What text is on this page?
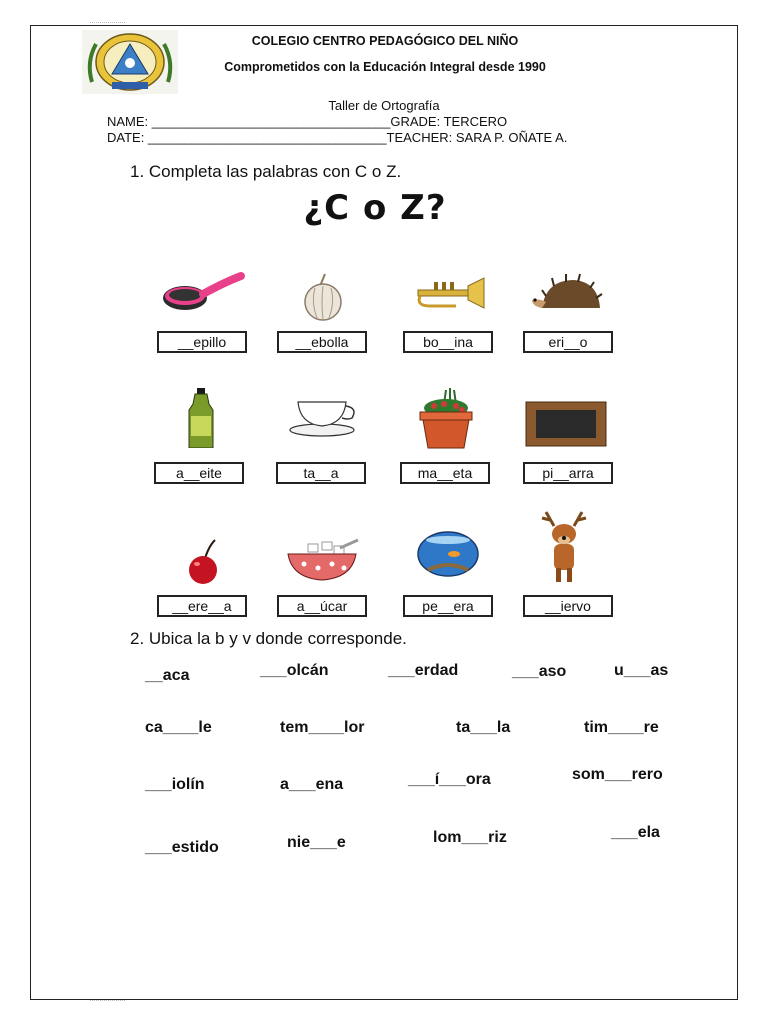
COLEGIO CENTRO PEDAGÓGICO DEL NIÑO
Comprometidos con la Educación Integral desde 1990
Taller de Ortografía
NAME: _________________________________GRADE: TERCERO
DATE: _________________________________TEACHER: SARA P. OÑATE A.
1. Completa las palabras con C o Z.
¿C o Z?
__epillo	__ebolla	bo__ina	eri__o
a__eite	ta__a	ma__eta	pi__arra
__ere__a	a__úcar	pe__era	__iervo
2. Ubica la b y v donde corresponde.
__aca	___olcán	___erdad	___aso	u___as
ca____le	tem____lor	ta___la	tim____re
___iolín	a___ena	___í___ora	som___rero
___estido	nie___e	lom___riz	___ela
